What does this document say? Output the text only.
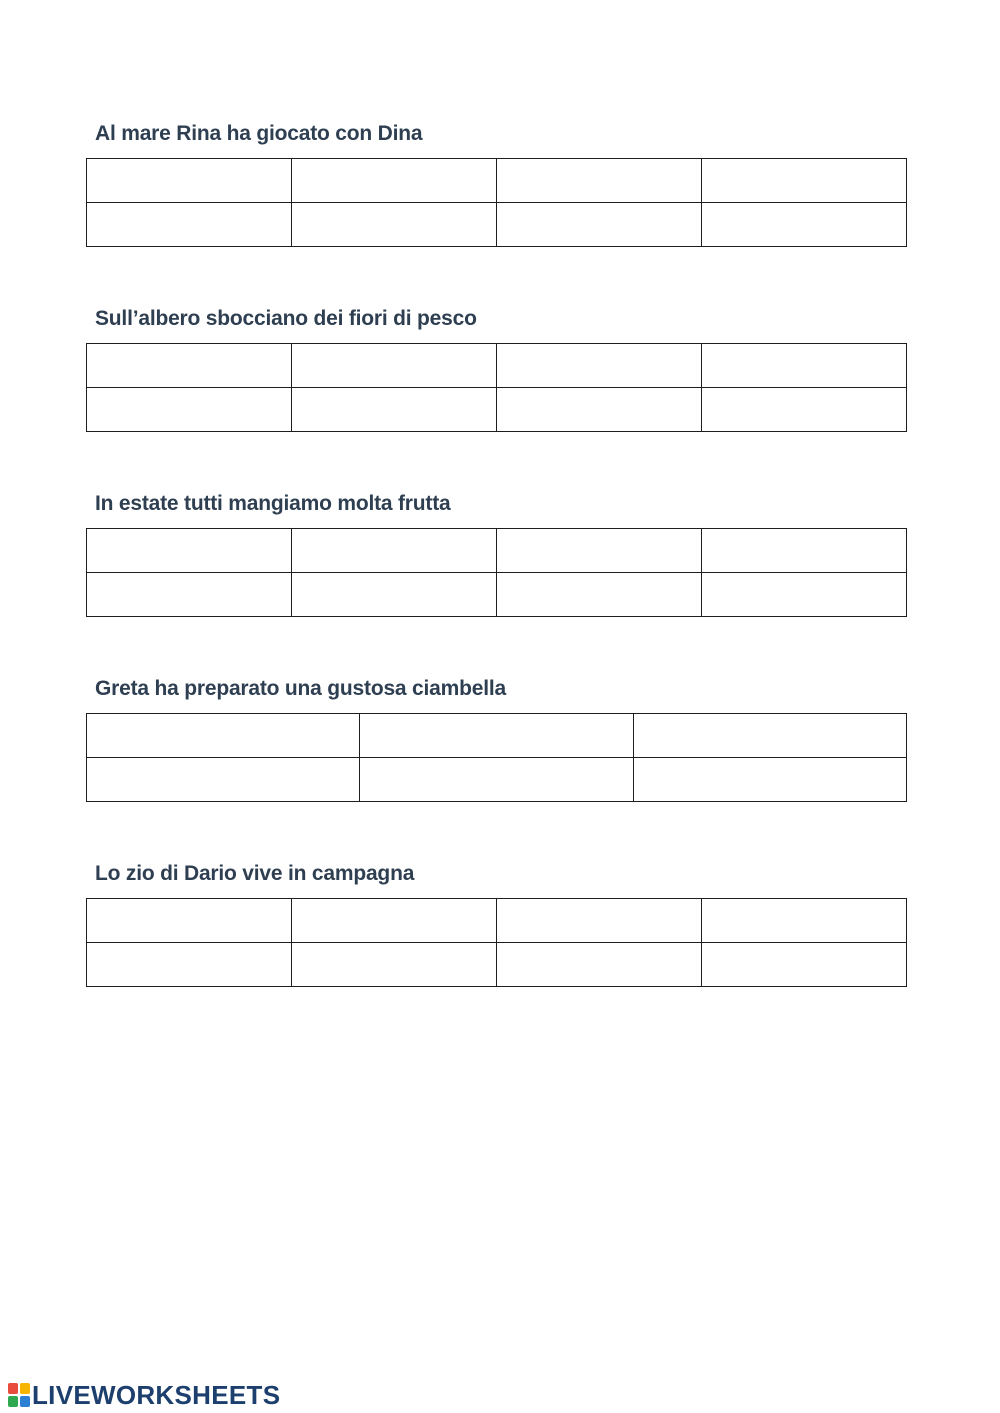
Al mare Rina ha giocato con Dina

Sull’albero sbocciano dei fiori di pesco

In estate tutti mangiamo molta frutta

Greta ha preparato una gustosa ciambella

Lo zio di Dario vive in campagna

LIVEWORKSHEETS
